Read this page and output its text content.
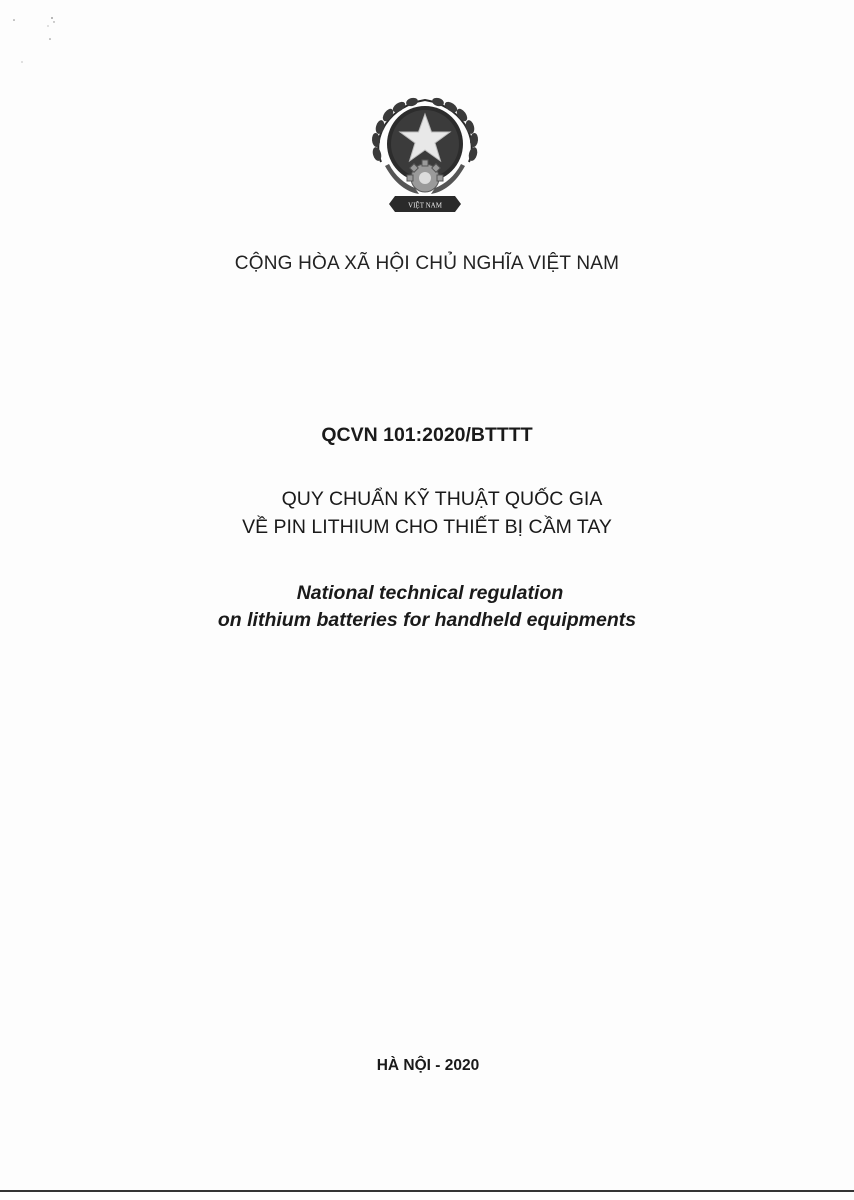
VIỆT NAM
CỘNG HÒA XÃ HỘI CHỦ NGHĨA VIỆT NAM
QCVN 101:2020/BTTTT
QUY CHUẨN KỸ THUẬT QUỐC GIA
VỀ PIN LITHIUM CHO THIẾT BỊ CẦM TAY
National technical regulation
on lithium batteries for handheld equipments
HÀ NỘI - 2020
